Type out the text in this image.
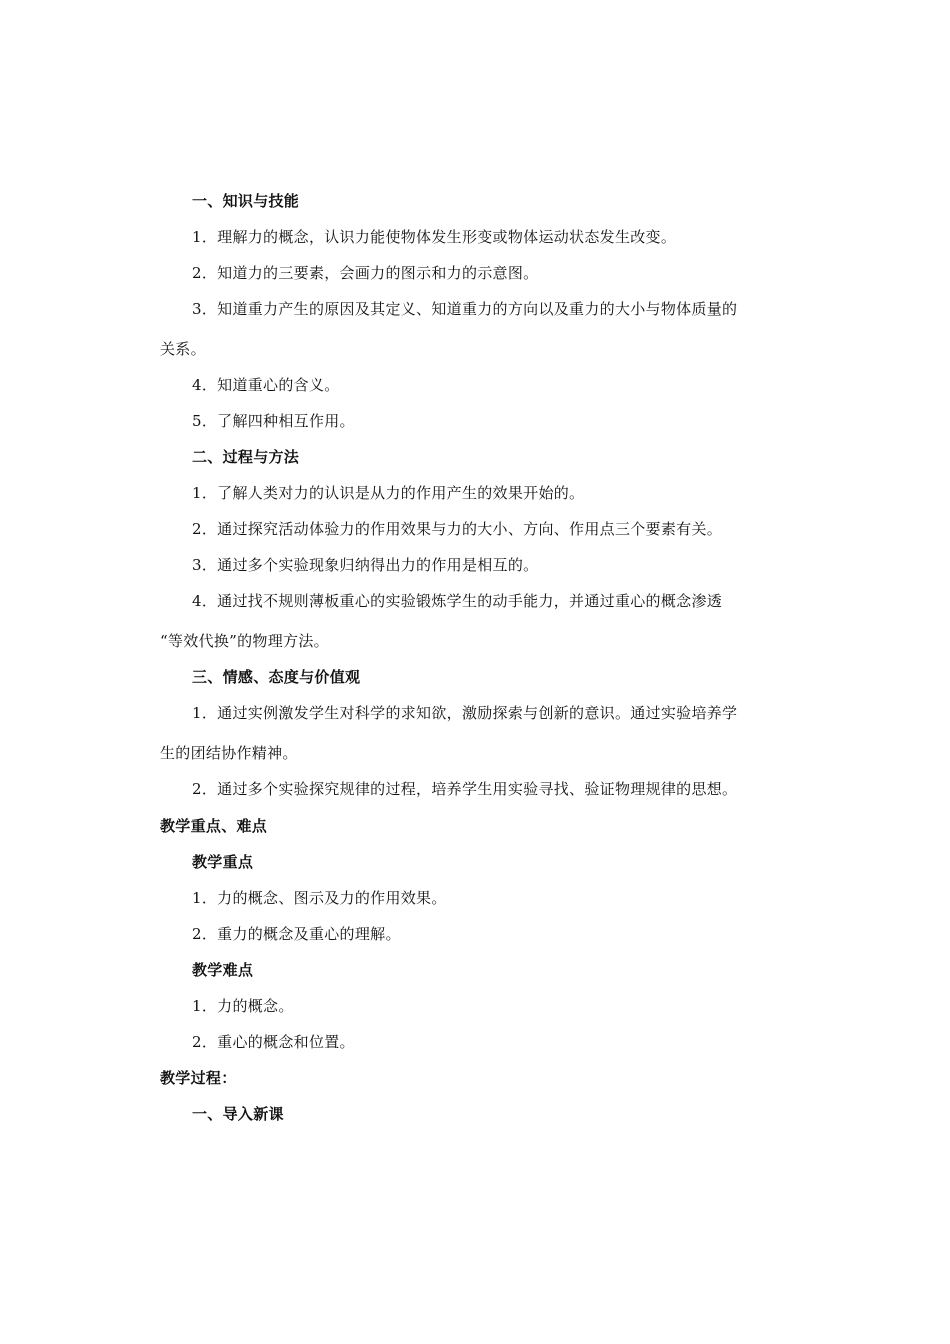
一、知识与技能
1．理解力的概念，认识力能使物体发生形变或物体运动状态发生改变。
2．知道力的三要素，会画力的图示和力的示意图。
3．知道重力产生的原因及其定义、知道重力的方向以及重力的大小与物体质量的
关系。
4．知道重心的含义。
5．了解四种相互作用。
二、过程与方法
1．了解人类对力的认识是从力的作用产生的效果开始的。
2．通过探究活动体验力的作用效果与力的大小、方向、作用点三个要素有关。
3．通过多个实验现象归纳得出力的作用是相互的。
4．通过找不规则薄板重心的实验锻炼学生的动手能力，并通过重心的概念渗透
“等效代换”的物理方法。
三、情感、态度与价值观
1．通过实例激发学生对科学的求知欲，激励探索与创新的意识。通过实验培养学
生的团结协作精神。
2．通过多个实验探究规律的过程，培养学生用实验寻找、验证物理规律的思想。
教学重点、难点
教学重点
1．力的概念、图示及力的作用效果。
2．重力的概念及重心的理解。
教学难点
1．力的概念。
2．重心的概念和位置。
教学过程：
一、导入新课
